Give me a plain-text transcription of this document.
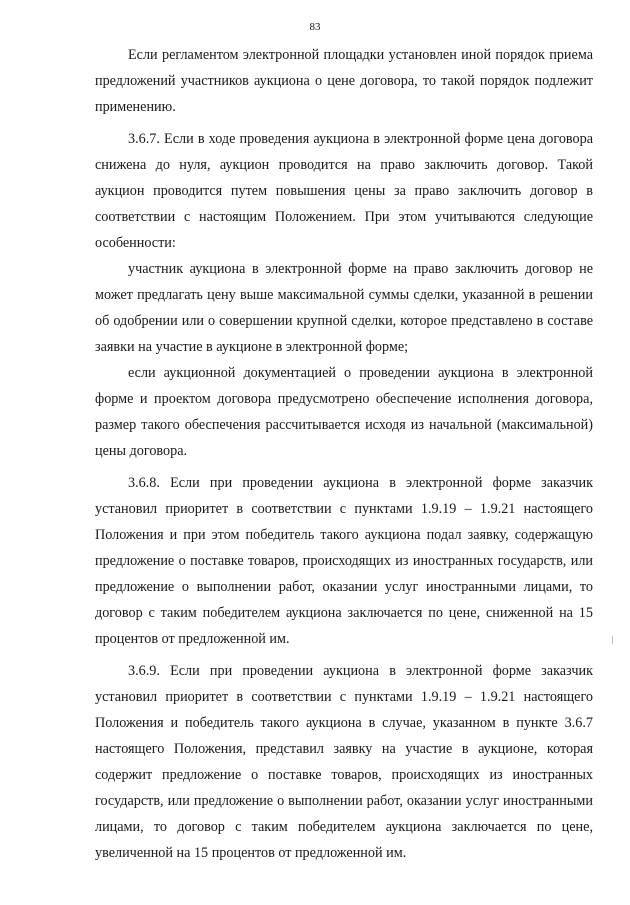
83

Если регламентом электронной площадки установлен иной порядок приема предложений участников аукциона о цене договора, то такой порядок подлежит применению.

3.6.7. Если в ходе проведения аукциона в электронной форме цена договора снижена до нуля, аукцион проводится на право заключить договор. Такой аукцион проводится путем повышения цены за право заключить договор в соответствии с настоящим Положением. При этом учитываются следующие особенности:

участник аукциона в электронной форме на право заключить договор не может предлагать цену выше максимальной суммы сделки, указанной в решении об одобрении или о совершении крупной сделки, которое представлено в составе заявки на участие в аукционе в электронной форме;

если аукционной документацией о проведении аукциона в электронной форме и проектом договора предусмотрено обеспечение исполнения договора, размер такого обеспечения рассчитывается исходя из начальной (максимальной) цены договора.

3.6.8. Если при проведении аукциона в электронной форме заказчик установил приоритет в соответствии с пунктами 1.9.19 – 1.9.21 настоящего Положения и при этом победитель такого аукциона подал заявку, содержащую предложение о поставке товаров, происходящих из иностранных государств, или предложение о выполнении работ, оказании услуг иностранными лицами, то договор с таким победителем аукциона заключается по цене, сниженной на 15 процентов от предложенной им.

3.6.9. Если при проведении аукциона в электронной форме заказчик установил приоритет в соответствии с пунктами 1.9.19 – 1.9.21 настоящего Положения и победитель такого аукциона в случае, указанном в пункте 3.6.7 настоящего Положения, представил заявку на участие в аукционе, которая содержит предложение о поставке товаров, происходящих из иностранных государств, или предложение о выполнении работ, оказании услуг иностранными лицами, то договор с таким победителем аукциона заключается по цене, увеличенной на 15 процентов от предложенной им.
